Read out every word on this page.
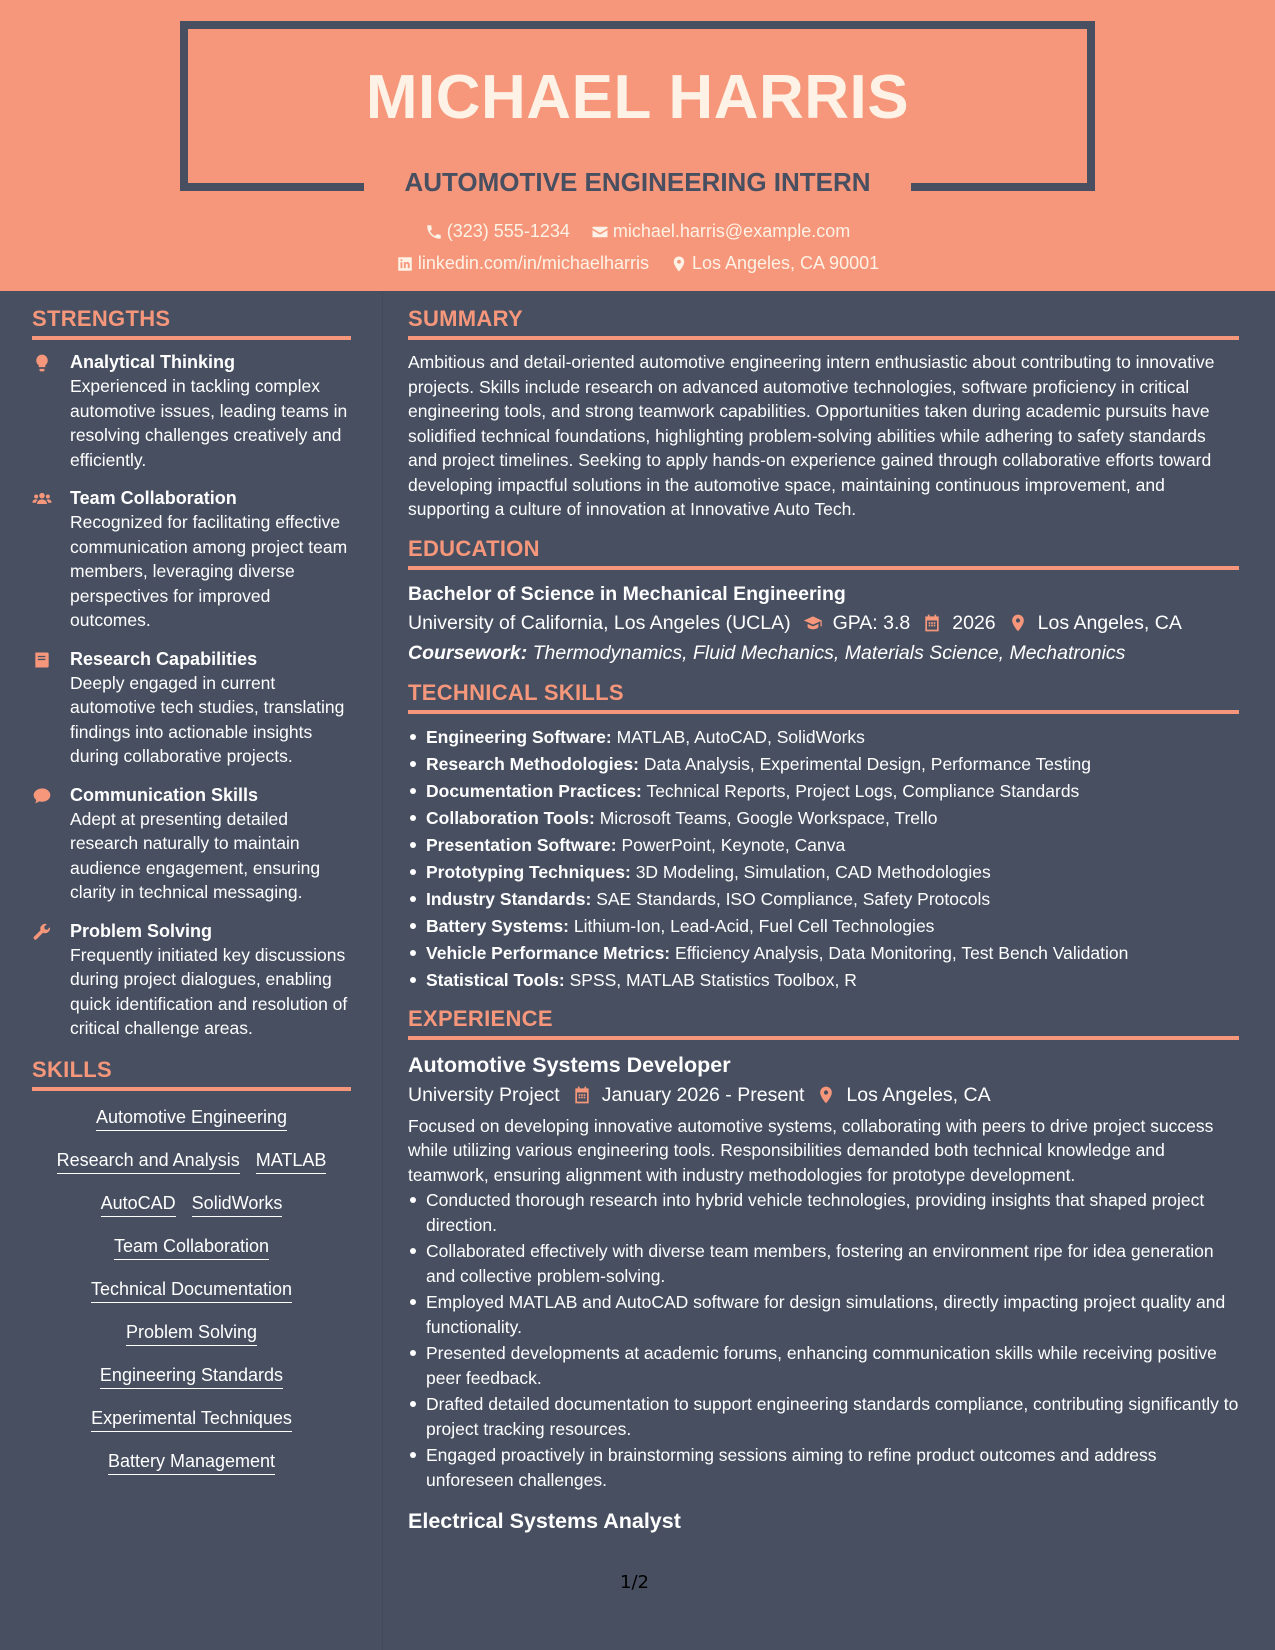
MICHAEL HARRIS
AUTOMOTIVE ENGINEERING INTERN
(323) 555-1234
michael.harris@example.com
linkedin.com/in/michaelharris
Los Angeles, CA 90001
STRENGTHS
Analytical Thinking
Experienced in tackling complex automotive issues, leading teams in resolving challenges creatively and efficiently.
Team Collaboration
Recognized for facilitating effective communication among project team members, leveraging diverse perspectives for improved outcomes.
Research Capabilities
Deeply engaged in current automotive tech studies, translating findings into actionable insights during collaborative projects.
Communication Skills
Adept at presenting detailed research naturally to maintain audience engagement, ensuring clarity in technical messaging.
Problem Solving
Frequently initiated key discussions during project dialogues, enabling quick identification and resolution of critical challenge areas.
SKILLS
Automotive Engineering
Research and Analysis MATLAB
AutoCAD SolidWorks
Team Collaboration
Technical Documentation
Problem Solving
Engineering Standards
Experimental Techniques
Battery Management
SUMMARY
Ambitious and detail-oriented automotive engineering intern enthusiastic about contributing to innovative projects. Skills include research on advanced automotive technologies, software proficiency in critical engineering tools, and strong teamwork capabilities. Opportunities taken during academic pursuits have solidified technical foundations, highlighting problem-solving abilities while adhering to safety standards and project timelines. Seeking to apply hands-on experience gained through collaborative efforts toward developing impactful solutions in the automotive space, maintaining continuous improvement, and supporting a culture of innovation at Innovative Auto Tech.
EDUCATION
Bachelor of Science in Mechanical Engineering
University of California, Los Angeles (UCLA) GPA: 3.8 2026 Los Angeles, CA
Coursework: Thermodynamics, Fluid Mechanics, Materials Science, Mechatronics
TECHNICAL SKILLS
Engineering Software: MATLAB, AutoCAD, SolidWorks
Research Methodologies: Data Analysis, Experimental Design, Performance Testing
Documentation Practices: Technical Reports, Project Logs, Compliance Standards
Collaboration Tools: Microsoft Teams, Google Workspace, Trello
Presentation Software: PowerPoint, Keynote, Canva
Prototyping Techniques: 3D Modeling, Simulation, CAD Methodologies
Industry Standards: SAE Standards, ISO Compliance, Safety Protocols
Battery Systems: Lithium-Ion, Lead-Acid, Fuel Cell Technologies
Vehicle Performance Metrics: Efficiency Analysis, Data Monitoring, Test Bench Validation
Statistical Tools: SPSS, MATLAB Statistics Toolbox, R
EXPERIENCE
Automotive Systems Developer
University Project January 2026 - Present Los Angeles, CA
Focused on developing innovative automotive systems, collaborating with peers to drive project success while utilizing various engineering tools. Responsibilities demanded both technical knowledge and teamwork, ensuring alignment with industry methodologies for prototype development.
Conducted thorough research into hybrid vehicle technologies, providing insights that shaped project direction.
Collaborated effectively with diverse team members, fostering an environment ripe for idea generation and collective problem-solving.
Employed MATLAB and AutoCAD software for design simulations, directly impacting project quality and functionality.
Presented developments at academic forums, enhancing communication skills while receiving positive peer feedback.
Drafted detailed documentation to support engineering standards compliance, contributing significantly to project tracking resources.
Engaged proactively in brainstorming sessions aiming to refine product outcomes and address unforeseen challenges.
Electrical Systems Analyst
1/2
